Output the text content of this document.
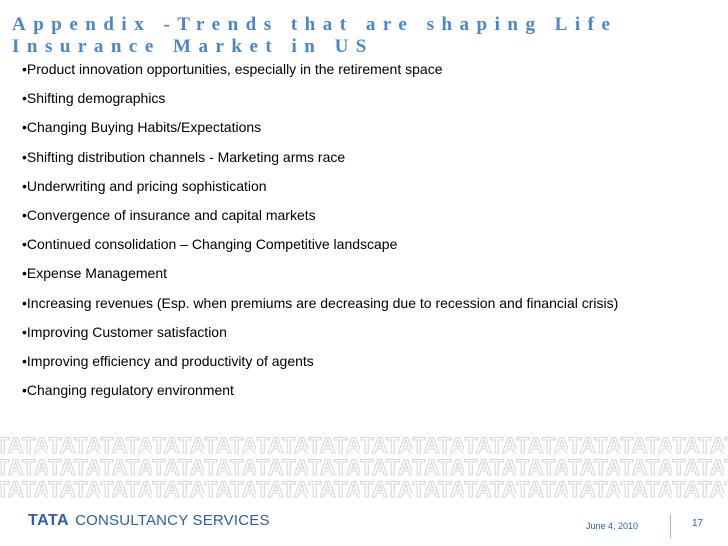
Appendix -Trends that are shaping Life Insurance Market in US
•Product innovation opportunities, especially in the retirement space
•Shifting demographics
•Changing Buying Habits/Expectations
•Shifting distribution channels - Marketing arms race
•Underwriting and pricing sophistication
•Convergence of insurance and capital markets
•Continued consolidation – Changing Competitive landscape
•Expense Management
•Increasing revenues (Esp. when premiums are decreasing due to recession and financial crisis)
•Improving Customer satisfaction
•Improving efficiency and productivity of agents
•Changing regulatory environment
TATA CONSULTANCY SERVICES	June 4, 2010	17
